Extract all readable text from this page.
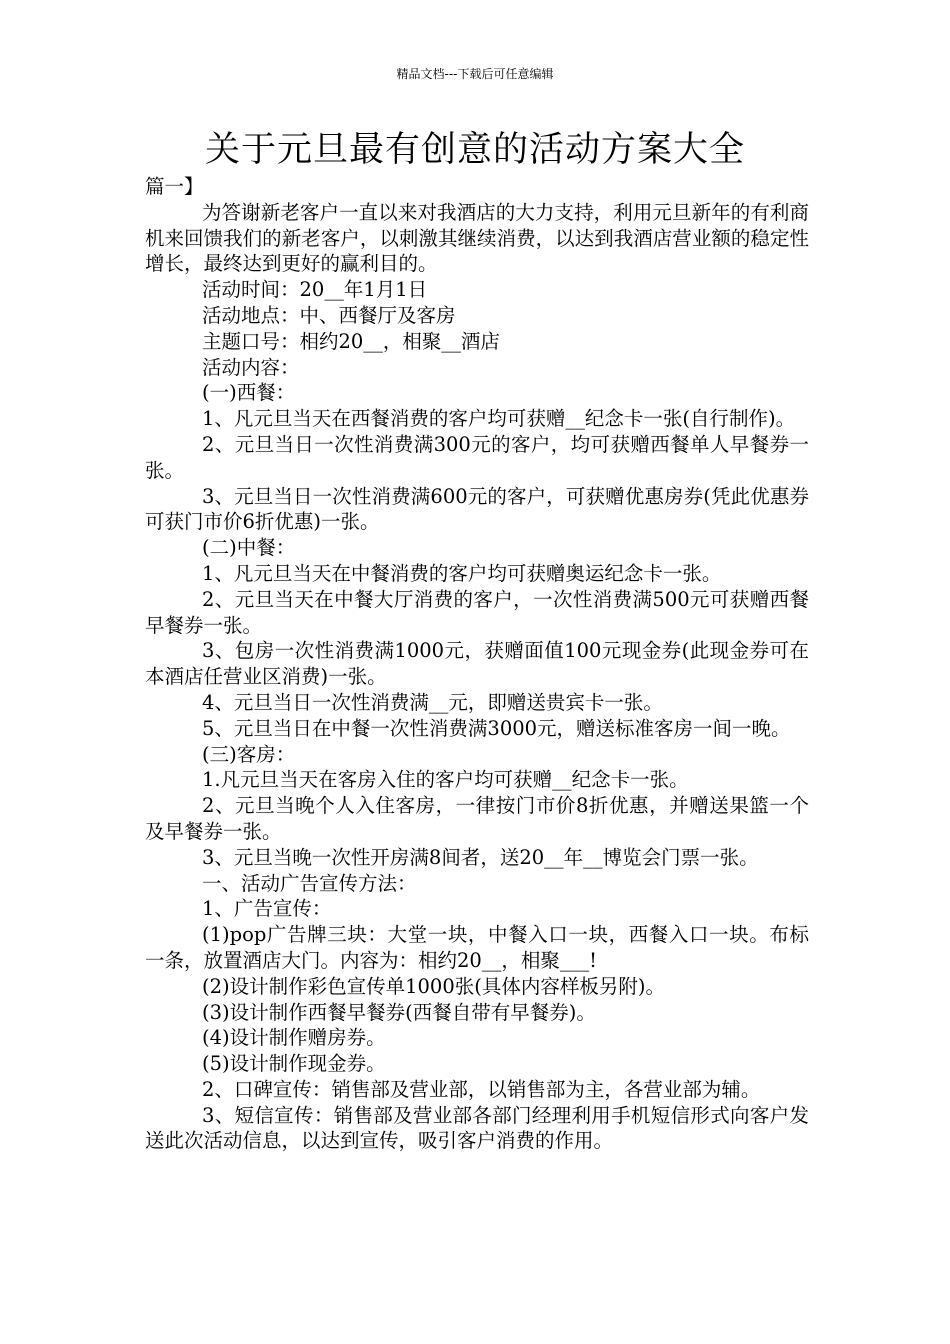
精品文档---下载后可任意编辑
关于元旦最有创意的活动方案大全

篇一】

为答谢新老客户一直以来对我酒店的大力支持，利用元旦新年的有利商机来回馈我们的新老客户，以刺激其继续消费，以达到我酒店营业额的稳定性增长，最终达到更好的赢利目的。

活动时间：20__年1月1日

活动地点：中、西餐厅及客房

主题口号：相约20__，相聚__酒店

活动内容：

(一)西餐：

1、凡元旦当天在西餐消费的客户均可获赠__纪念卡一张(自行制作)。

2、元旦当日一次性消费满300元的客户，均可获赠西餐单人早餐券一张。

3、元旦当日一次性消费满600元的客户，可获赠优惠房券(凭此优惠券可获门市价6折优惠)一张。

(二)中餐：

1、凡元旦当天在中餐消费的客户均可获赠奥运纪念卡一张。

2、元旦当天在中餐大厅消费的客户，一次性消费满500元可获赠西餐早餐券一张。

3、包房一次性消费满1000元，获赠面值100元现金券(此现金券可在本酒店任营业区消费)一张。

4、元旦当日一次性消费满__元，即赠送贵宾卡一张。

5、元旦当日在中餐一次性消费满3000元，赠送标准客房一间一晚。

(三)客房：

1.凡元旦当天在客房入住的客户均可获赠__纪念卡一张。

2、元旦当晚个人入住客房，一律按门市价8折优惠，并赠送果篮一个及早餐券一张。

3、元旦当晚一次性开房满8间者，送20__年__博览会门票一张。

一、活动广告宣传方法：

1、广告宣传：

(1)pop广告牌三块：大堂一块，中餐入口一块，西餐入口一块。布标一条，放置酒店大门。内容为：相约20__，相聚___!

(2)设计制作彩色宣传单1000张(具体内容样板另附)。

(3)设计制作西餐早餐券(西餐自带有早餐券)。

(4)设计制作赠房券。

(5)设计制作现金券。

2、口碑宣传：销售部及营业部，以销售部为主，各营业部为辅。

3、短信宣传：销售部及营业部各部门经理利用手机短信形式向客户发送此次活动信息，以达到宣传，吸引客户消费的作用。
